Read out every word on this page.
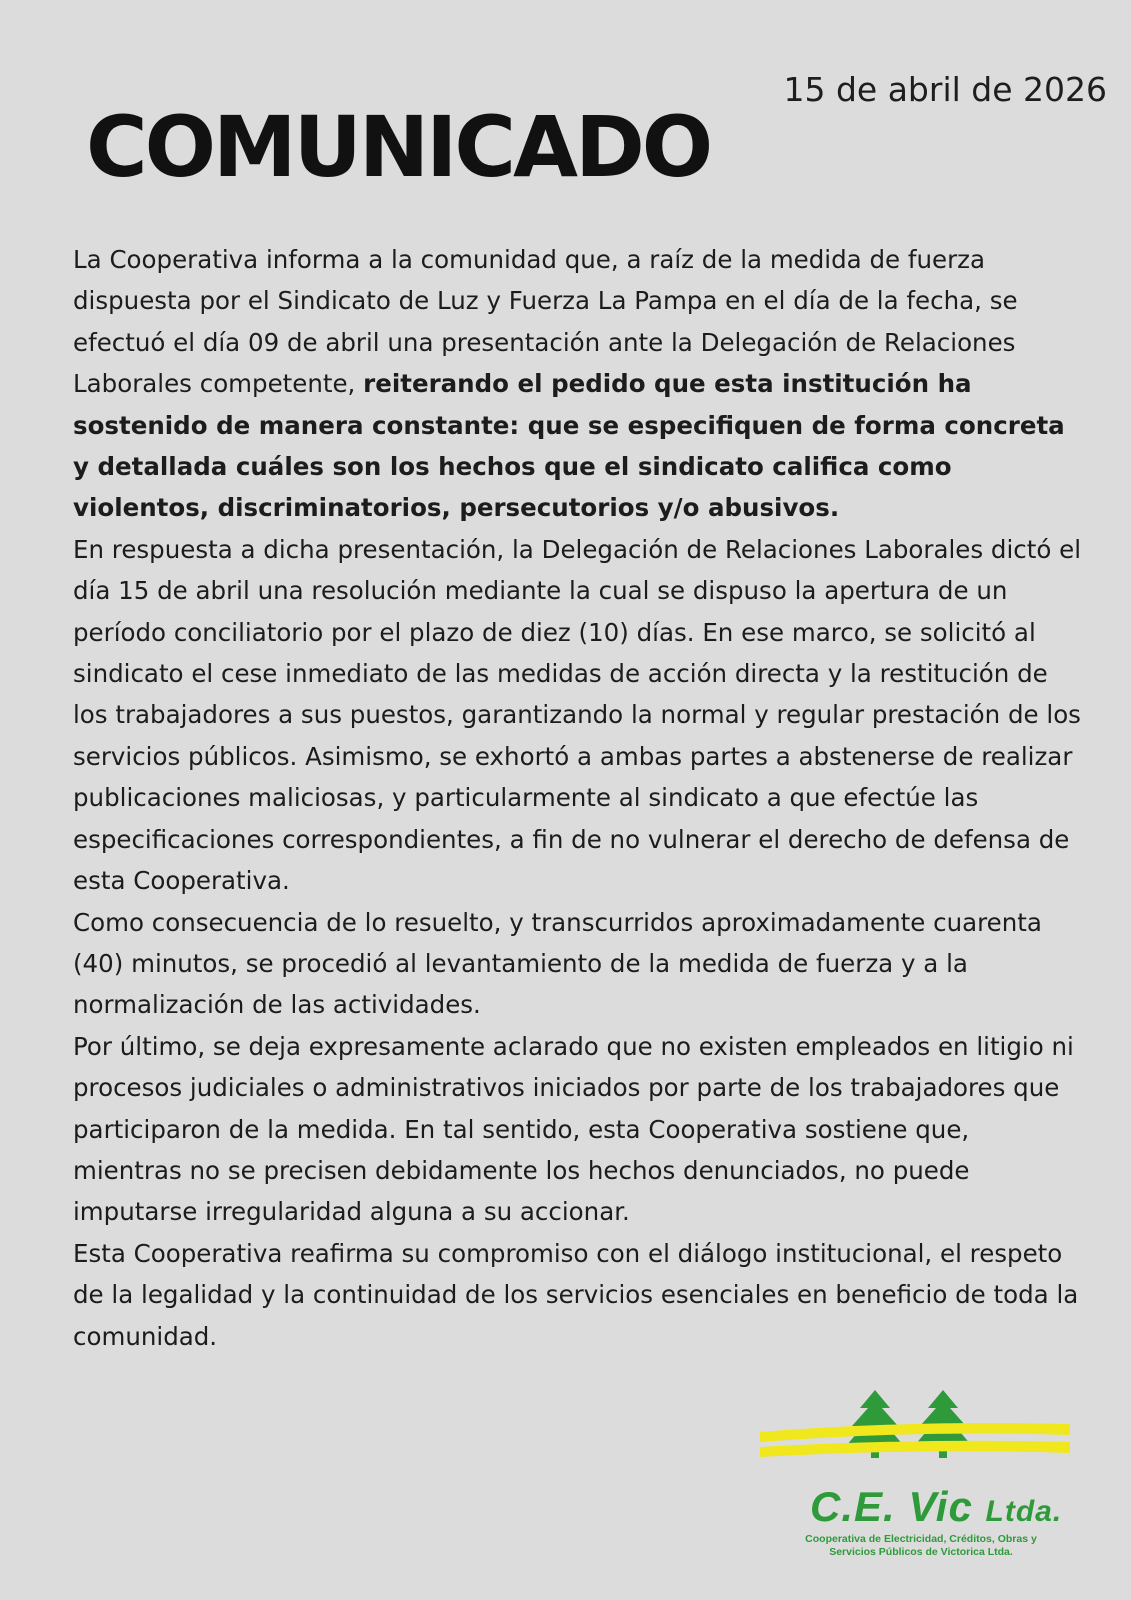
15 de abril de 2026
COMUNICADO

La Cooperativa informa a la comunidad que, a raíz de la medida de fuerza dispuesta por el Sindicato de Luz y Fuerza La Pampa en el día de la fecha, se efectuó el día 09 de abril una presentación ante la Delegación de Relaciones Laborales competente, reiterando el pedido que esta institución ha sostenido de manera constante: que se especifiquen de forma concreta y detallada cuáles son los hechos que el sindicato califica como violentos, discriminatorios, persecutorios y/o abusivos.

En respuesta a dicha presentación, la Delegación de Relaciones Laborales dictó el día 15 de abril una resolución mediante la cual se dispuso la apertura de un período conciliatorio por el plazo de diez (10) días. En ese marco, se solicitó al sindicato el cese inmediato de las medidas de acción directa y la restitución de los trabajadores a sus puestos, garantizando la normal y regular prestación de los servicios públicos. Asimismo, se exhortó a ambas partes a abstenerse de realizar publicaciones maliciosas, y particularmente al sindicato a que efectúe las especificaciones correspondientes, a fin de no vulnerar el derecho de defensa de esta Cooperativa.

Como consecuencia de lo resuelto, y transcurridos aproximadamente cuarenta (40) minutos, se procedió al levantamiento de la medida de fuerza y a la normalización de las actividades.

Por último, se deja expresamente aclarado que no existen empleados en litigio ni procesos judiciales o administrativos iniciados por parte de los trabajadores que participaron de la medida. En tal sentido, esta Cooperativa sostiene que, mientras no se precisen debidamente los hechos denunciados, no puede imputarse irregularidad alguna a su accionar.

Esta Cooperativa reafirma su compromiso con el diálogo institucional, el respeto de la legalidad y la continuidad de los servicios esenciales en beneficio de toda la comunidad.

C.E. Vic Ltda.
Cooperativa de Electricidad, Créditos, Obras y
Servicios Públicos de Victorica Ltda.
